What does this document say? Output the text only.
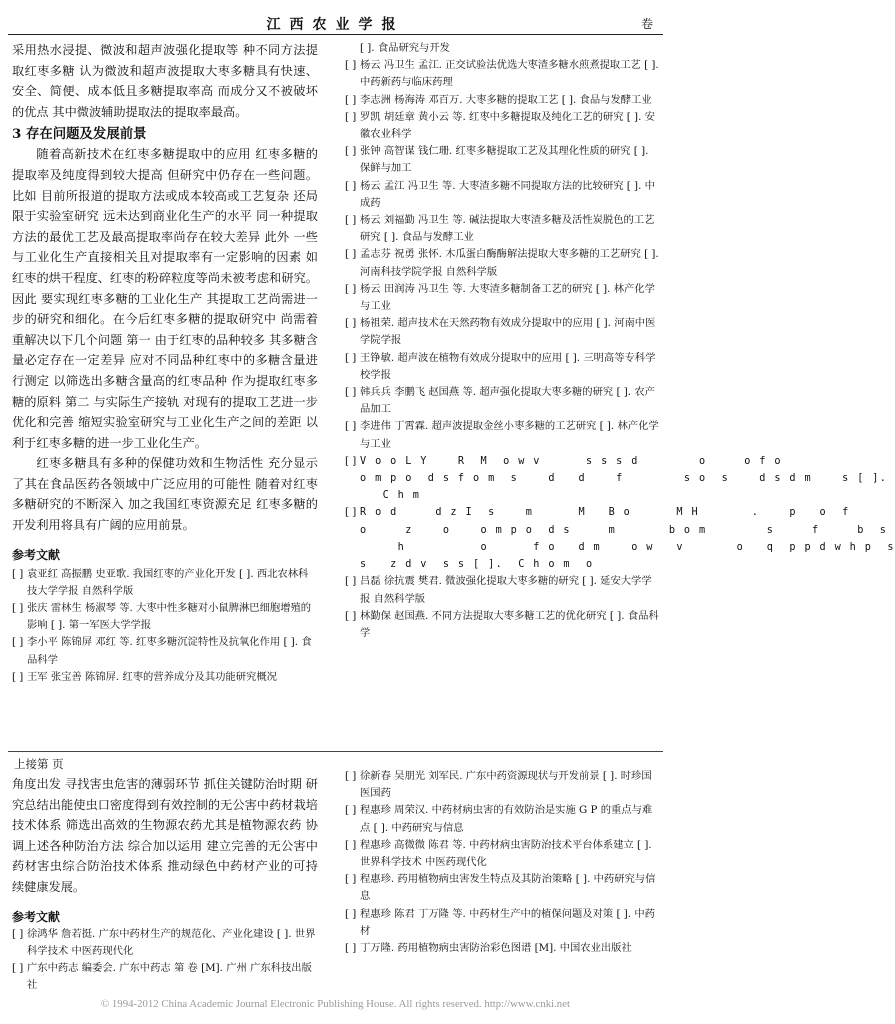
江西农业学报	卷

采用热水浸提、微波和超声波强化提取等 种不同方法提取红枣多糖 认为微波和超声波提取大枣多糖具有快速、安全、简便、成本低且多糖提取率高 而成分又不被破坏的优点 其中微波辅助提取法的提取率最高。

3 存在问题及发展前景

随着高新技术在红枣多糖提取中的应用 红枣多糖的提取率及纯度得到较大提高 但研究中仍存在一些问题。比如 目前所报道的提取方法或成本较高或工艺复杂 还局限于实验室研究 远未达到商业化生产的水平 同一种提取方法的最优工艺及最高提取率尚存在较大差异 此外 一些与工业化生产直接相关且对提取率有一定影响的因素 如红枣的烘干程度、红枣的粉碎粒度等尚未被考虑和研究。因此 要实现红枣多糖的工业化生产 其提取工艺尚需进一步的研究和细化。在今后红枣多糖的提取研究中 尚需着重解决以下几个问题 第一 由于红枣的品种较多 其多糖含量必定存在一定差异 应对不同品种红枣中的多糖含量进行测定 以筛选出多糖含量高的红枣品种 作为提取红枣多糖的原料 第二 与实际生产接轨 对现有的提取工艺进一步优化和完善 缩短实验室研究与工业化生产之间的差距 以利于红枣多糖的进一步工业化生产。

红枣多糖具有多种的保健功效和生物活性 充分显示了其在食品医药各领域中广泛应用的可能性 随着对红枣多糖研究的不断深入 加之我国红枣资源充足 红枣多糖的开发利用将具有广阔的应用前景。

参考文献

[ ] 袁亚红 高振鹏 史亚歌. 我国红枣的产业化开发 [ ]. 西北农林科技大学学报 自然科学版
[ ] 张庆 雷林生 杨淑琴 等. 大枣中性多糖对小鼠脾淋巴细胞增殖的影响 [ ]. 第一军医大学学报
[ ] 李小平 陈锦屏 邓红 等. 红枣多糖沉淀特性及抗氧化作用 [ ]. 食品科学
[ ] 王军 张宝善 陈锦屏. 红枣的营养成分及其功能研究概况
[ ]. 食品研究与开发
[ ] 杨云 冯卫生 孟江. 正交试验法优选大枣渣多糖水煎煮提取工艺 [ ]. 中药新药与临床药理
[ ] 李志洲 杨海涛 邓百万. 大枣多糖的提取工艺 [ ]. 食品与发酵工业
[ ] 罗凯 胡廷章 黄小云 等. 红枣中多糖提取及纯化工艺的研究 [ ]. 安徽农业科学
[ ] 张钟 高智谋 钱仁珊. 红枣多糖提取工艺及其理化性质的研究 [ ]. 保鲜与加工
[ ] 杨云 孟江 冯卫生 等. 大枣渣多糖不同提取方法的比较研究 [ ]. 中成药
[ ] 杨云 刘福勤 冯卫生 等. 碱法提取大枣渣多糖及活性炭脱色的工艺研究 [ ]. 食品与发酵工业
[ ] 孟志芬 祝勇 张怀. 木瓜蛋白酶酶解法提取大枣多糖的工艺研究 [ ]. 河南科技学院学报 自然科学版
[ ] 杨云 田润涛 冯卫生 等. 大枣渣多糖制备工艺的研究 [ ]. 林产化学与工业
[ ] 杨祖荣. 超声技术在天然药物有效成分提取中的应用 [ ]. 河南中医学院学报
[ ] 王铮敏. 超声波在植物有效成分提取中的应用 [ ]. 三明高等专科学校学报
[ ] 韩兵兵 李鹏飞 赵国燕 等. 超声强化提取大枣多糖的研究 [ ]. 农产品加工
[ ] 李进伟 丁霄霖. 超声波提取金丝小枣多糖的工艺研究 [ ]. 林产化学与工业
[ ] V o o L Y    R  M  o w v      s s s d        o     o f o
o m p o  d s f o m  s    d   d    f        s o  s    d s d m    s [ ].
C h m
[ ] R o d     d z I  s    m      M   B o      M H       .    p   o  f
o     z    o    o m p o  d s     m       b o m        s     f     b  s
h          o      f o   d m    o w   v       o   q  p p d w h p  s
s   z d v  s s [ ].  C h o m  o
[ ] 吕磊 徐抗震 樊君. 微波强化提取大枣多糖的研究 [ ]. 延安大学学报 自然科学版
[ ] 林勤保 赵国燕. 不同方法提取大枣多糖工艺的优化研究 [ ]. 食品科学
上接第 页

角度出发 寻找害虫危害的薄弱环节 抓住关键防治时期 研究总结出能使虫口密度得到有效控制的无公害中药材栽培技术体系 筛选出高效的生物源农药尤其是植物源农药 协调上述各种防治方法 综合加以运用 建立完善的无公害中药材害虫综合防治技术体系 推动绿色中药材产业的可持续健康发展。

参考文献

[ ] 徐鸿华 詹若挺. 广东中药材生产的规范化、产业化建设 [ ]. 世界科学技术 中医药现代化
[ ] 广东中药志 编委会. 广东中药志 第 卷 [M]. 广州 广东科技出版社
[ ] 徐新春 吴朋光 刘军民. 广东中药资源现状与开发前景 [ ]. 时珍国医国药
[ ] 程惠珍 周荣汉. 中药材病虫害的有效防治是实施 G P 的重点与难点 [ ]. 中药研究与信息
[ ] 程惠珍 高微微 陈君 等. 中药材病虫害防治技术平台体系建立 [ ]. 世界科学技术 中医药现代化
[ ] 程惠珍. 药用植物病虫害发生特点及其防治策略 [ ]. 中药研究与信息
[ ] 程惠珍 陈君 丁万隆 等. 中药材生产中的植保问题及对策 [ ]. 中药材
[ ] 丁万隆. 药用植物病虫害防治彩色图谱 [M]. 中国农业出版社
© 1994-2012 China Academic Journal Electronic Publishing House. All rights reserved. http://www.cnki.net
